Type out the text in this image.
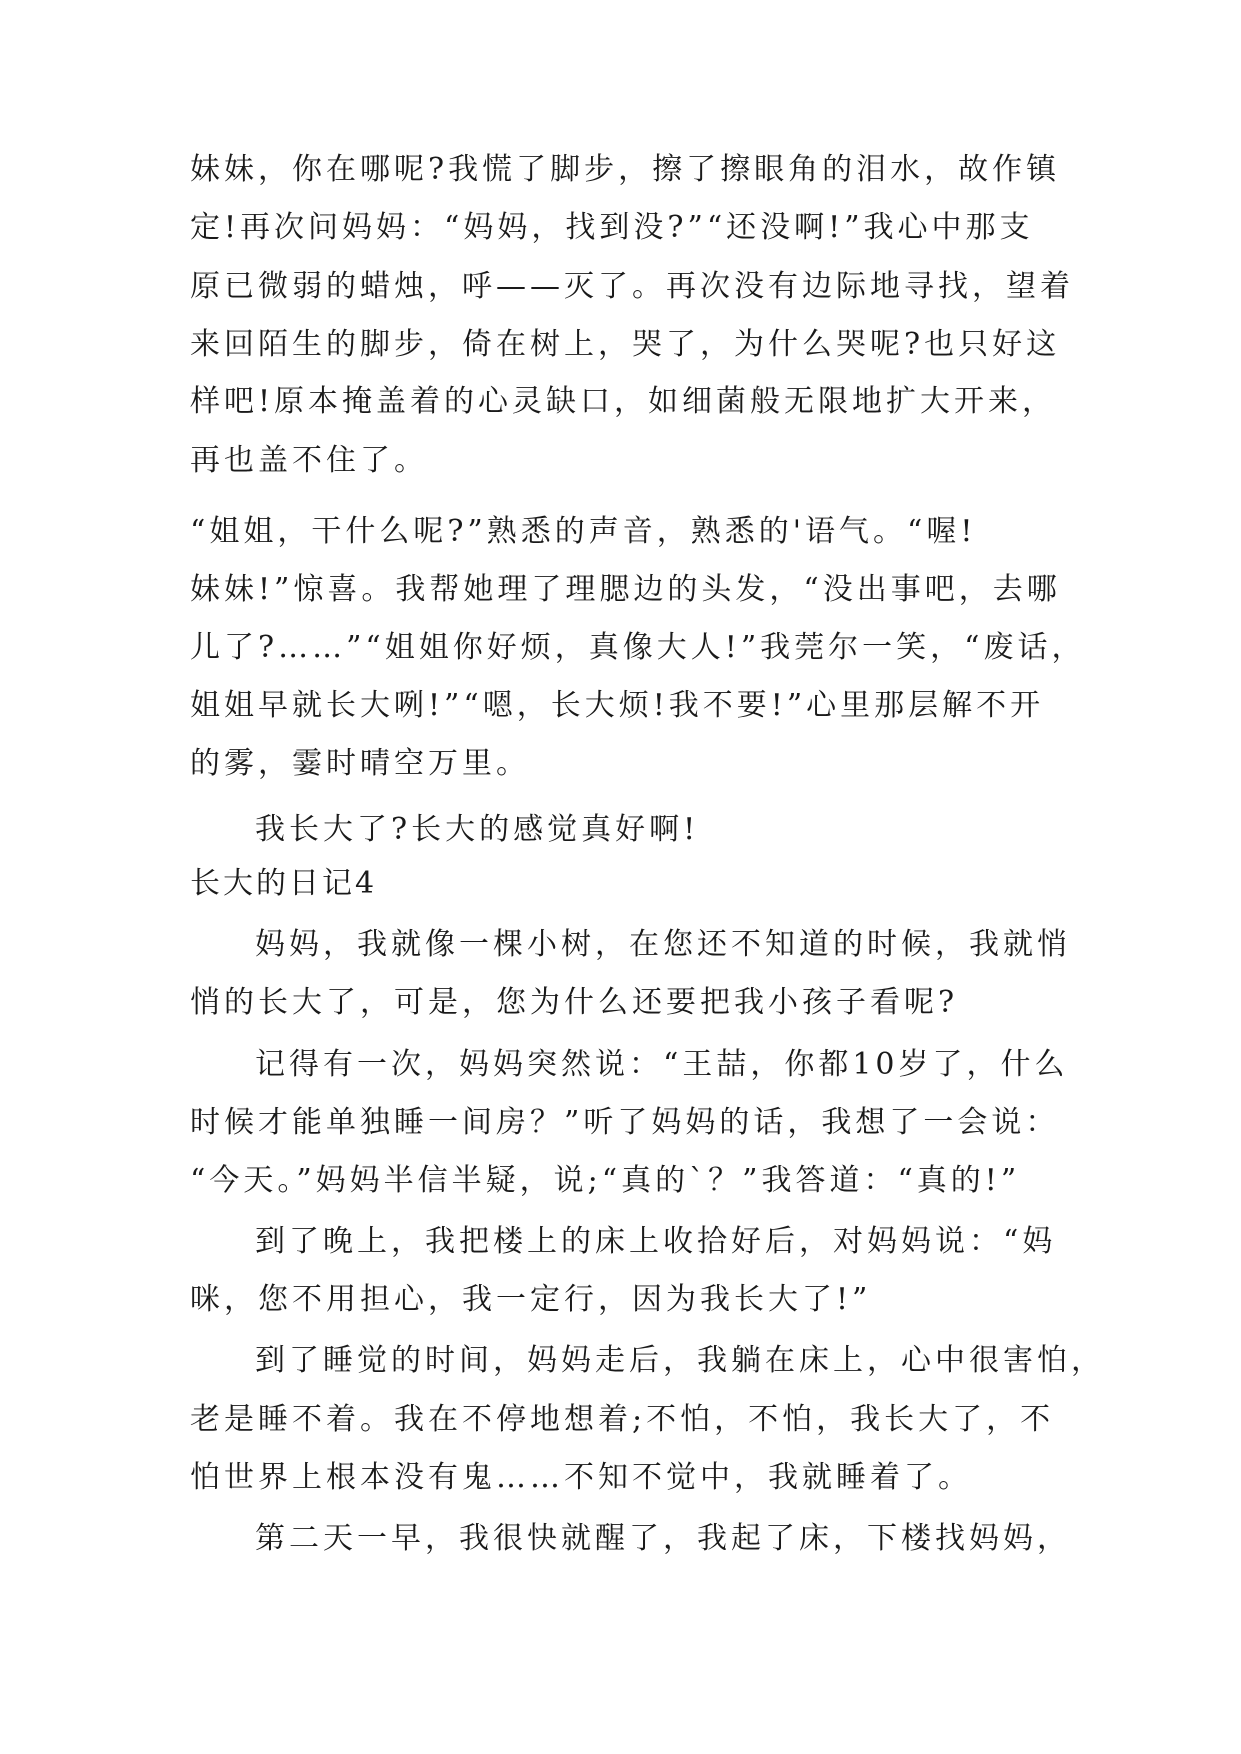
妹妹，你在哪呢?我慌了脚步，擦了擦眼角的泪水，故作镇

定!再次问妈妈：“妈妈，找到没?”“还没啊!”我心中那支

原已微弱的蜡烛，呼——灭了。再次没有边际地寻找，望着

来回陌生的脚步，倚在树上，哭了，为什么哭呢?也只好这

样吧!原本掩盖着的心灵缺口，如细菌般无限地扩大开来，

再也盖不住了。

“姐姐，干什么呢?”熟悉的声音，熟悉的'语气。“喔!

妹妹!”惊喜。我帮她理了理腮边的头发，“没出事吧，去哪

儿了?……”“姐姐你好烦，真像大人!”我莞尔一笑，“废话，

姐姐早就长大咧!”“嗯，长大烦!我不要!”心里那层解不开

的雾，霎时晴空万里。

我长大了?长大的感觉真好啊!

长大的日记4

妈妈，我就像一棵小树，在您还不知道的时候，我就悄

悄的长大了，可是，您为什么还要把我小孩子看呢?

记得有一次，妈妈突然说：“王喆，你都10岁了，什么

时候才能单独睡一间房？”听了妈妈的话，我想了一会说：

“今天。”妈妈半信半疑，说;“真的`？”我答道：“真的!”

到了晚上，我把楼上的床上收拾好后，对妈妈说：“妈

咪，您不用担心，我一定行，因为我长大了!”

到了睡觉的时间，妈妈走后，我躺在床上，心中很害怕，

老是睡不着。我在不停地想着;不怕，不怕，我长大了，不

怕世界上根本没有鬼……不知不觉中，我就睡着了。

第二天一早，我很快就醒了，我起了床，下楼找妈妈，
